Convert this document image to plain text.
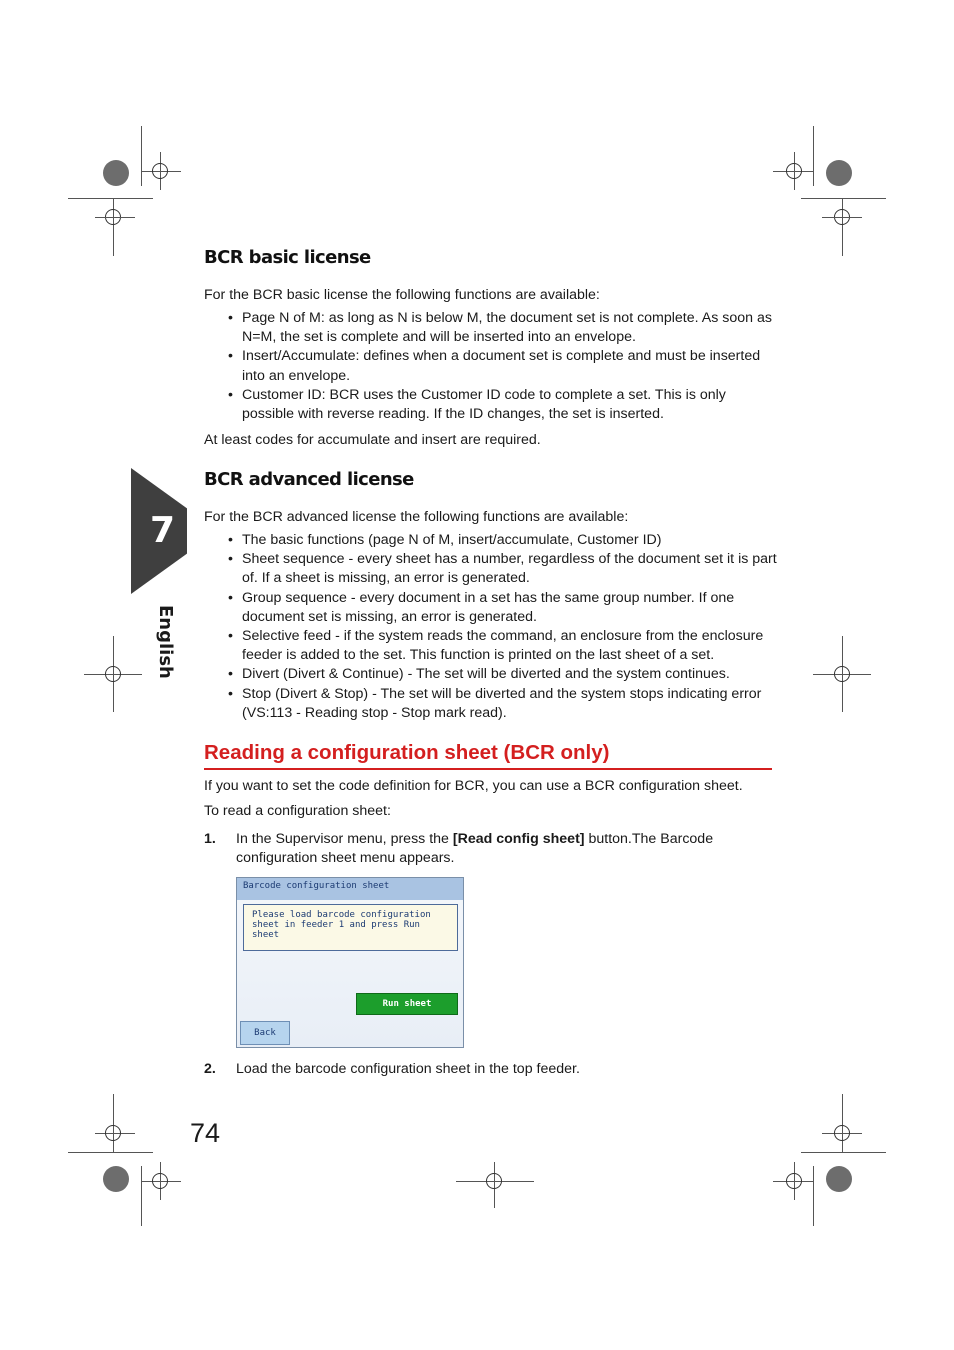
7
English
BCR basic license

For the BCR basic license the following functions are available:

• Page N of M: as long as N is below M, the document set is not complete. As soon as N=M, the set is complete and will be inserted into an envelope.
• Insert/Accumulate: defines when a document set is complete and must be inserted into an envelope.
• Customer ID: BCR uses the Customer ID code to complete a set. This is only possible with reverse reading. If the ID changes, the set is inserted.

At least codes for accumulate and insert are required.

BCR advanced license

For the BCR advanced license the following functions are available:

• The basic functions (page N of M, insert/accumulate, Customer ID)
• Sheet sequence - every sheet has a number, regardless of the document set it is part of. If a sheet is missing, an error is generated.
• Group sequence - every document in a set has the same group number. If one document set is missing, an error is generated.
• Selective feed - if the system reads the command, an enclosure from the enclosure feeder is added to the set. This function is printed on the last sheet of a set.
• Divert (Divert & Continue) - The set will be diverted and the system continues.
• Stop (Divert & Stop) - The set will be diverted and the system stops indicating error (VS:113 - Reading stop - Stop mark read).
Reading a configuration sheet (BCR only)

If you want to set the code definition for BCR, you can use a BCR configuration sheet.

To read a configuration sheet:

1. In the Supervisor menu, press the [Read config sheet] button.The Barcode configuration sheet menu appears.
Barcode configuration sheet
Please load barcode configuration sheet in feeder 1 and press Run sheet
Run sheet
Back
2. Load the barcode configuration sheet in the top feeder.
74
